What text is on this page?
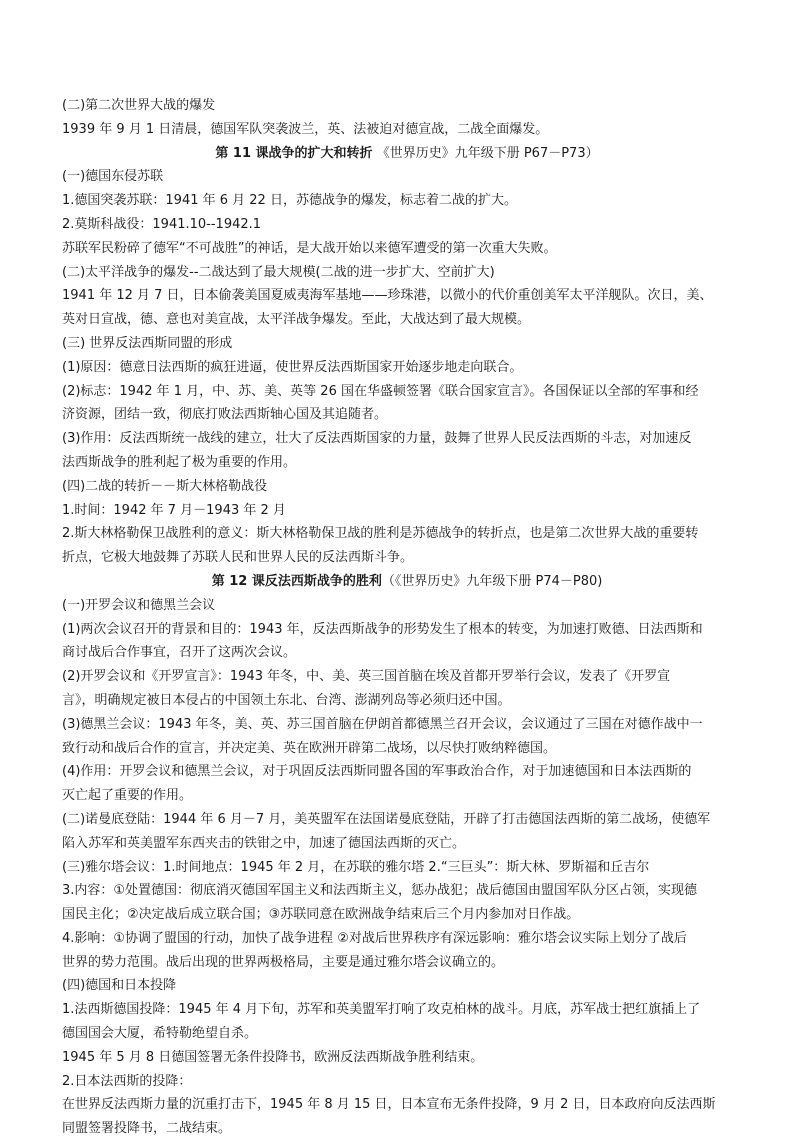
(二)第二次世界大战的爆发
1939 年 9 月 1 日清晨，德国军队突袭波兰，英、法被迫对德宣战，二战全面爆发。
第 11 课战争的扩大和转折 《世界历史》九年级下册 P67－P73）
(一)德国东侵苏联
1.德国突袭苏联：1941 年 6 月 22 日，苏德战争的爆发，标志着二战的扩大。
2.莫斯科战役：1941.10--1942.1
苏联军民粉碎了德军“不可战胜”的神话，是大战开始以来德军遭受的第一次重大失败。
(二)太平洋战争的爆发--二战达到了最大规模(二战的进一步扩大、空前扩大)
1941 年 12 月 7 日，日本偷袭美国夏威夷海军基地——珍珠港，以微小的代价重创美军太平洋舰队。次日，美、
英对日宣战，德、意也对美宣战，太平洋战争爆发。至此，大战达到了最大规模。
(三) 世界反法西斯同盟的形成
(1)原因：德意日法西斯的疯狂进逼，使世界反法西斯国家开始逐步地走向联合。
(2)标志：1942 年 1 月，中、苏、美、英等 26 国在华盛顿签署《联合国家宣言》。各国保证以全部的军事和经
济资源，团结一致，彻底打败法西斯轴心国及其追随者。
(3)作用：反法西斯统一战线的建立，壮大了反法西斯国家的力量，鼓舞了世界人民反法西斯的斗志，对加速反
法西斯战争的胜利起了极为重要的作用。
(四)二战的转折－－斯大林格勒战役
1.时间：1942 年 7 月－1943 年 2 月
2.斯大林格勒保卫战胜利的意义：斯大林格勒保卫战的胜利是苏德战争的转折点，也是第二次世界大战的重要转
折点，它极大地鼓舞了苏联人民和世界人民的反法西斯斗争。
第 12 课反法西斯战争的胜利（《世界历史》九年级下册 P74－P80)
(一)开罗会议和德黑兰会议
(1)两次会议召开的背景和目的：1943 年，反法西斯战争的形势发生了根本的转变，为加速打败德、日法西斯和
商讨战后合作事宜，召开了这两次会议。
(2)开罗会议和《开罗宣言》：1943 年冬，中、美、英三国首脑在埃及首都开罗举行会议，发表了《开罗宣
言》，明确规定被日本侵占的中国领土东北、台湾、澎湖列岛等必须归还中国。
(3)德黑兰会议：1943 年冬，美、英、苏三国首脑在伊朗首都德黑兰召开会议，会议通过了三国在对德作战中一
致行动和战后合作的宣言，并决定美、英在欧洲开辟第二战场，以尽快打败纳粹德国。
(4)作用：开罗会议和德黑兰会议，对于巩固反法西斯同盟各国的军事政治合作，对于加速德国和日本法西斯的
灭亡起了重要的作用。
(二)诺曼底登陆：1944 年 6 月－7 月，美英盟军在法国诺曼底登陆，开辟了打击德国法西斯的第二战场，使德军
陷入苏军和英美盟军东西夹击的铁钳之中，加速了德国法西斯的灭亡。
(三)雅尔塔会议：1.时间地点：1945 年 2 月，在苏联的雅尔塔 2.“三巨头”：斯大林、罗斯福和丘吉尔
3.内容：①处置德国：彻底消灭德国军国主义和法西斯主义，惩办战犯；战后德国由盟国军队分区占领，实现德
国民主化；②决定战后成立联合国；③苏联同意在欧洲战争结束后三个月内参加对日作战。
4.影响：①协调了盟国的行动，加快了战争进程 ②对战后世界秩序有深远影响：雅尔塔会议实际上划分了战后
世界的势力范围。战后出现的世界两极格局，主要是通过雅尔塔会议确立的。
(四)德国和日本投降
1.法西斯德国投降：1945 年 4 月下旬，苏军和英美盟军打响了攻克柏林的战斗。月底，苏军战士把红旗插上了
德国国会大厦，希特勒绝望自杀。
1945 年 5 月 8 日德国签署无条件投降书，欧洲反法西斯战争胜利结束。
2.日本法西斯的投降：
在世界反法西斯力量的沉重打击下，1945 年 8 月 15 日，日本宣布无条件投降，9 月 2 日，日本政府向反法西斯
同盟签署投降书，二战结束。
